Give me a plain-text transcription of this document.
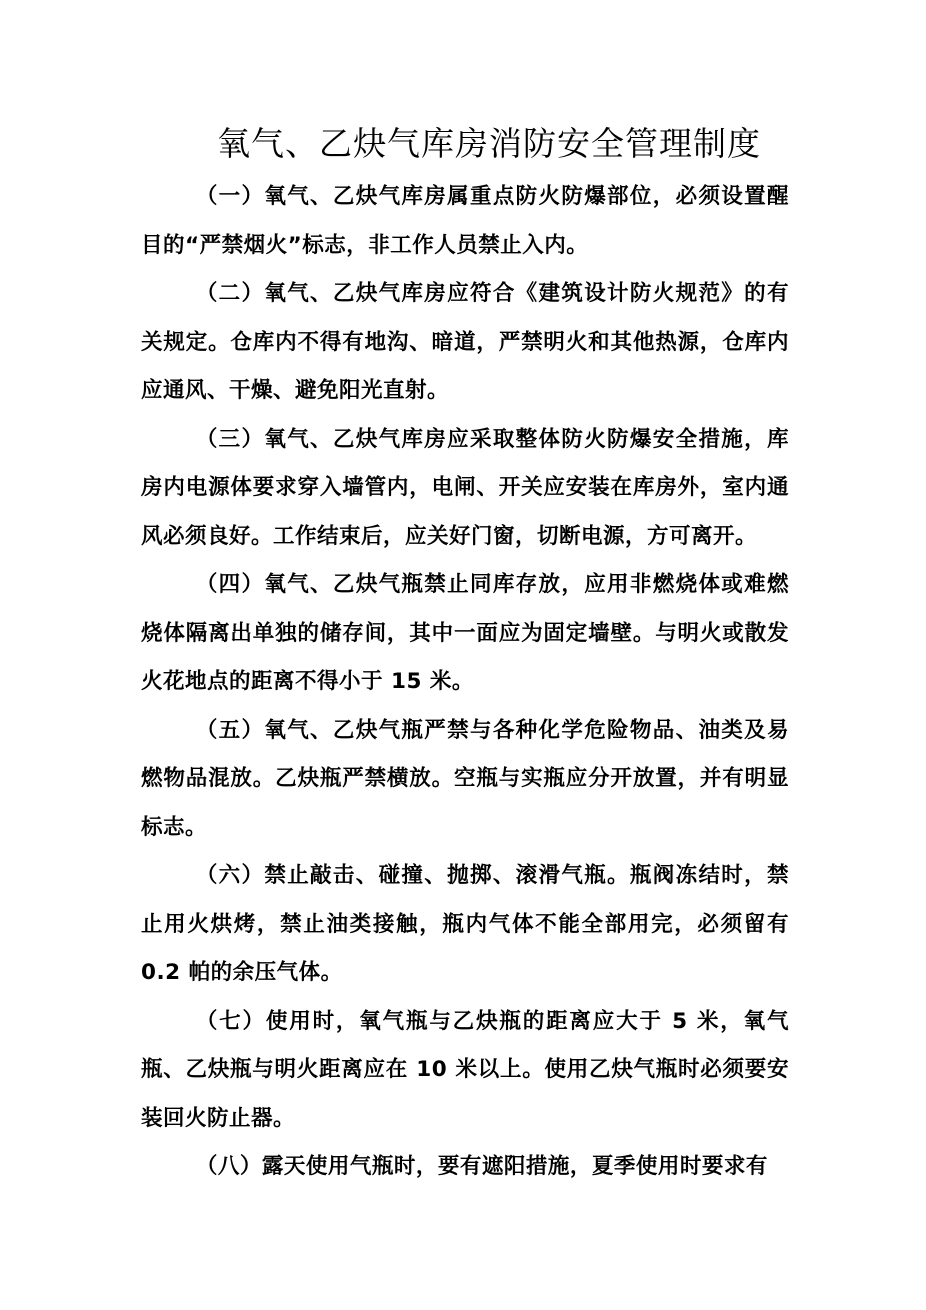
氧气、乙炔气库房消防安全管理制度

（一）氧气、乙炔气库房属重点防火防爆部位，必须设置醒目的“严禁烟火”标志，非工作人员禁止入内。

（二）氧气、乙炔气库房应符合《建筑设计防火规范》的有关规定。仓库内不得有地沟、暗道，严禁明火和其他热源，仓库内应通风、干燥、避免阳光直射。

（三）氧气、乙炔气库房应采取整体防火防爆安全措施，库房内电源体要求穿入墙管内，电闸、开关应安装在库房外，室内通风必须良好。工作结束后，应关好门窗，切断电源，方可离开。

（四）氧气、乙炔气瓶禁止同库存放，应用非燃烧体或难燃烧体隔离出单独的储存间，其中一面应为固定墙壁。与明火或散发火花地点的距离不得小于 15 米。

（五）氧气、乙炔气瓶严禁与各种化学危险物品、油类及易燃物品混放。乙炔瓶严禁横放。空瓶与实瓶应分开放置，并有明显标志。

（六）禁止敲击、碰撞、抛掷、滚滑气瓶。瓶阀冻结时，禁止用火烘烤，禁止油类接触，瓶内气体不能全部用完，必须留有 0.2 帕的余压气体。

（七）使用时，氧气瓶与乙炔瓶的距离应大于 5 米，氧气瓶、乙炔瓶与明火距离应在 10 米以上。使用乙炔气瓶时必须要安装回火防止器。

（八）露天使用气瓶时，要有遮阳措施，夏季使用时要求有
